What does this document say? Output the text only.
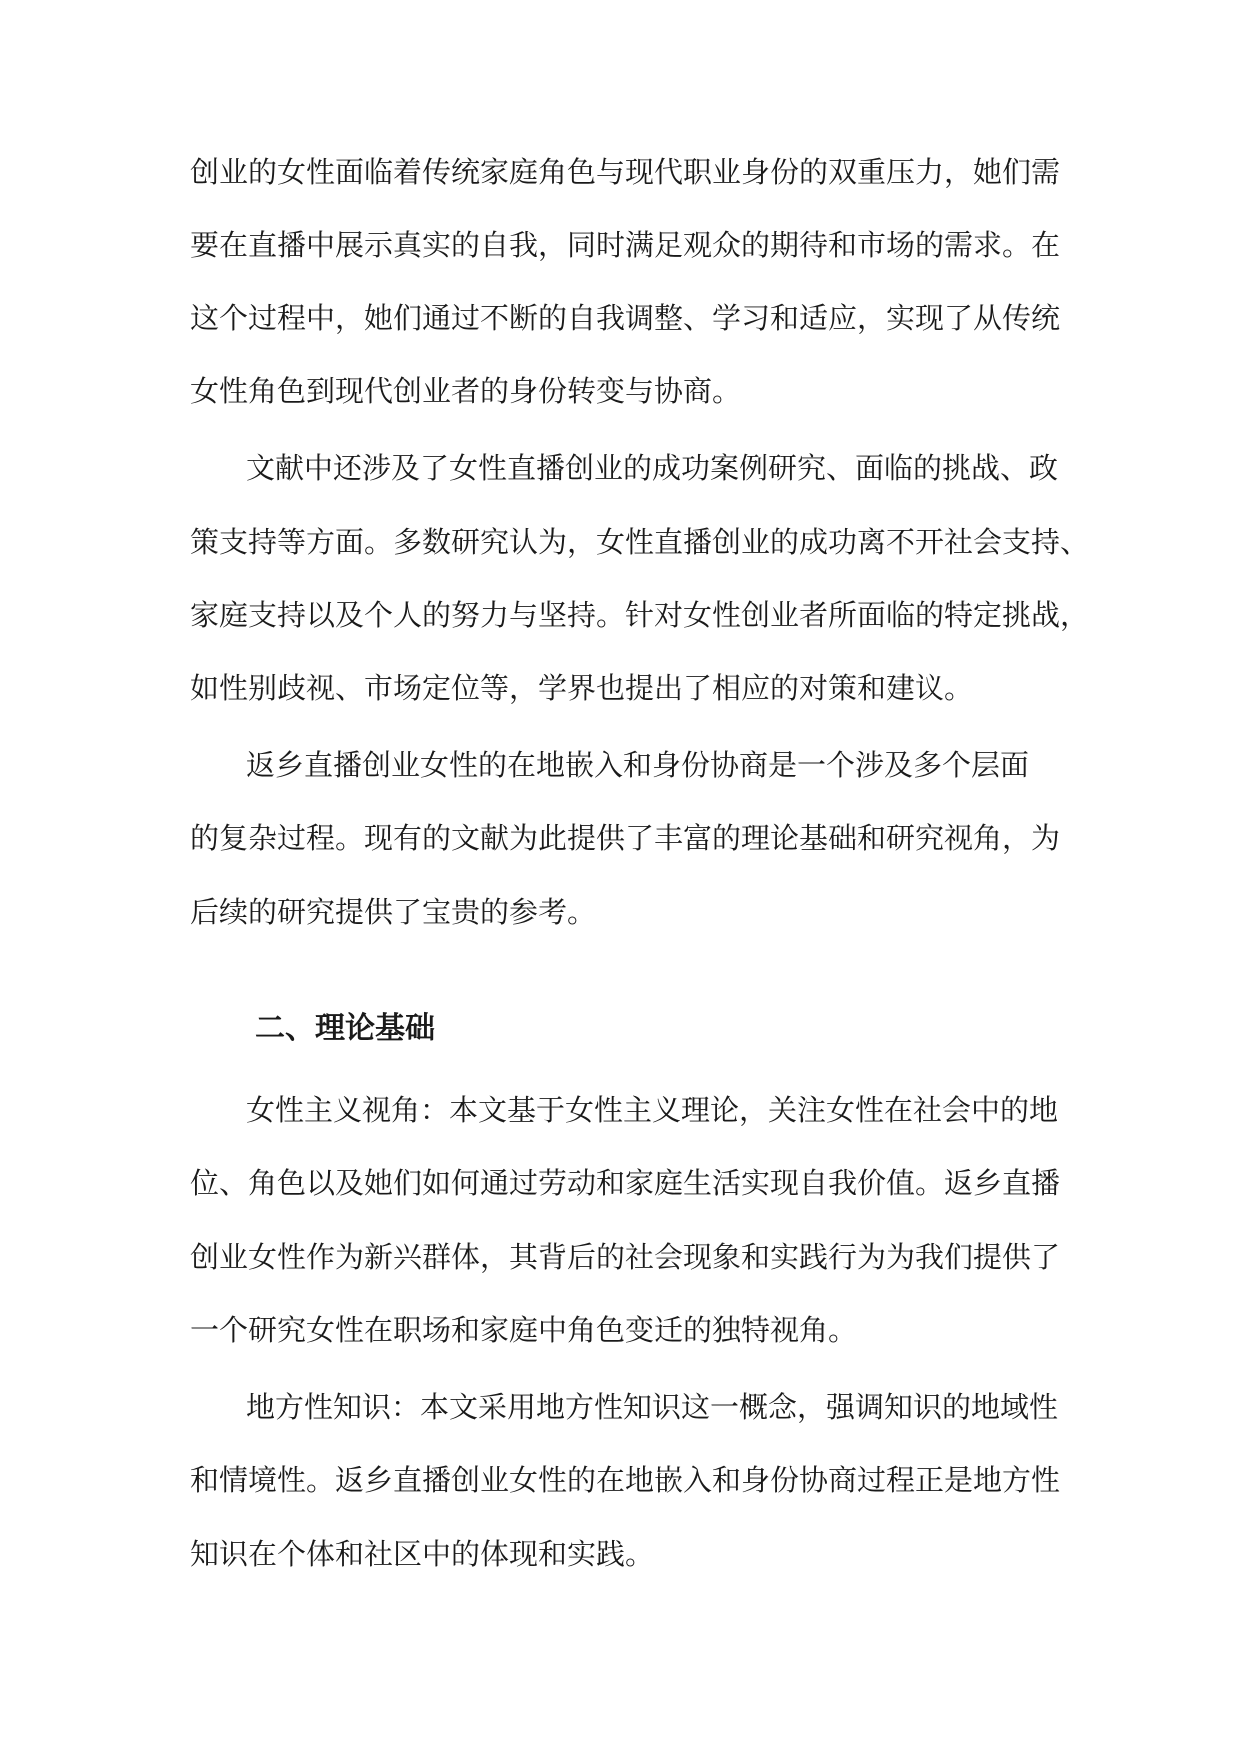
创业的女性面临着传统家庭角色与现代职业身份的双重压力，她们需
要在直播中展示真实的自我，同时满足观众的期待和市场的需求。在
这个过程中，她们通过不断的自我调整、学习和适应，实现了从传统
女性角色到现代创业者的身份转变与协商。
文献中还涉及了女性直播创业的成功案例研究、面临的挑战、政
策支持等方面。多数研究认为，女性直播创业的成功离不开社会支持、
家庭支持以及个人的努力与坚持。针对女性创业者所面临的特定挑战，
如性别歧视、市场定位等，学界也提出了相应的对策和建议。
返乡直播创业女性的在地嵌入和身份协商是一个涉及多个层面
的复杂过程。现有的文献为此提供了丰富的理论基础和研究视角，为
后续的研究提供了宝贵的参考。
二、理论基础
女性主义视角：本文基于女性主义理论，关注女性在社会中的地
位、角色以及她们如何通过劳动和家庭生活实现自我价值。返乡直播
创业女性作为新兴群体，其背后的社会现象和实践行为为我们提供了
一个研究女性在职场和家庭中角色变迁的独特视角。
地方性知识：本文采用地方性知识这一概念，强调知识的地域性
和情境性。返乡直播创业女性的在地嵌入和身份协商过程正是地方性
知识在个体和社区中的体现和实践。
